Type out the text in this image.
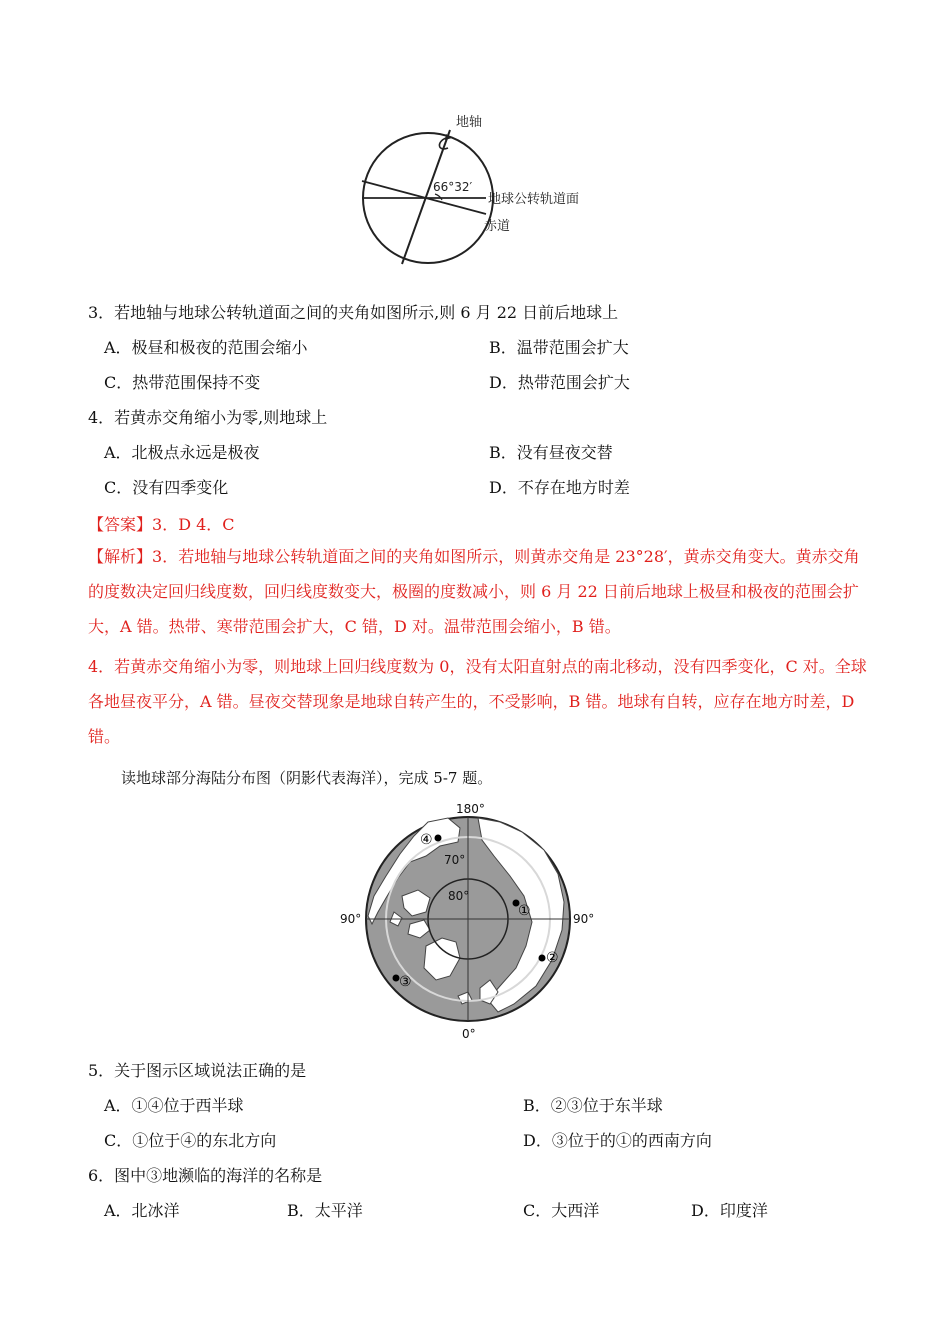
地轴
66°32′
地球公转轨道面
赤道
3．若地轴与地球公转轨道面之间的夹角如图所示,则 6 月 22 日前后地球上
A．极昼和极夜的范围会缩小	B．温带范围会扩大
C．热带范围保持不变	D．热带范围会扩大
4．若黄赤交角缩小为零,则地球上
A．北极点永远是极夜	B．没有昼夜交替
C．没有四季变化	D．不存在地方时差
【答案】3．D 4．C
【解析】3．若地轴与地球公转轨道面之间的夹角如图所示，则黄赤交角是 23°28′，黄赤交角变大。黄赤交角的度数决定回归线度数，回归线度数变大，极圈的度数减小，则 6 月 22 日前后地球上极昼和极夜的范围会扩大，A 错。热带、寒带范围会扩大，C 错，D 对。温带范围会缩小，B 错。
4．若黄赤交角缩小为零，则地球上回归线度数为 0，没有太阳直射点的南北移动，没有四季变化，C 对。全球各地昼夜平分，A 错。昼夜交替现象是地球自转产生的，不受影响，B 错。地球有自转，应存在地方时差，D 错。
读地球部分海陆分布图（阴影代表海洋），完成 5-7 题。
180°
0°
90°	90°
70°
80°
①
②
③
④
5．关于图示区域说法正确的是
A．①④位于西半球	B．②③位于东半球
C．①位于④的东北方向	D．③位于的①的西南方向
6．图中③地濒临的海洋的名称是
A．北冰洋	B．太平洋	C．大西洋	D．印度洋
